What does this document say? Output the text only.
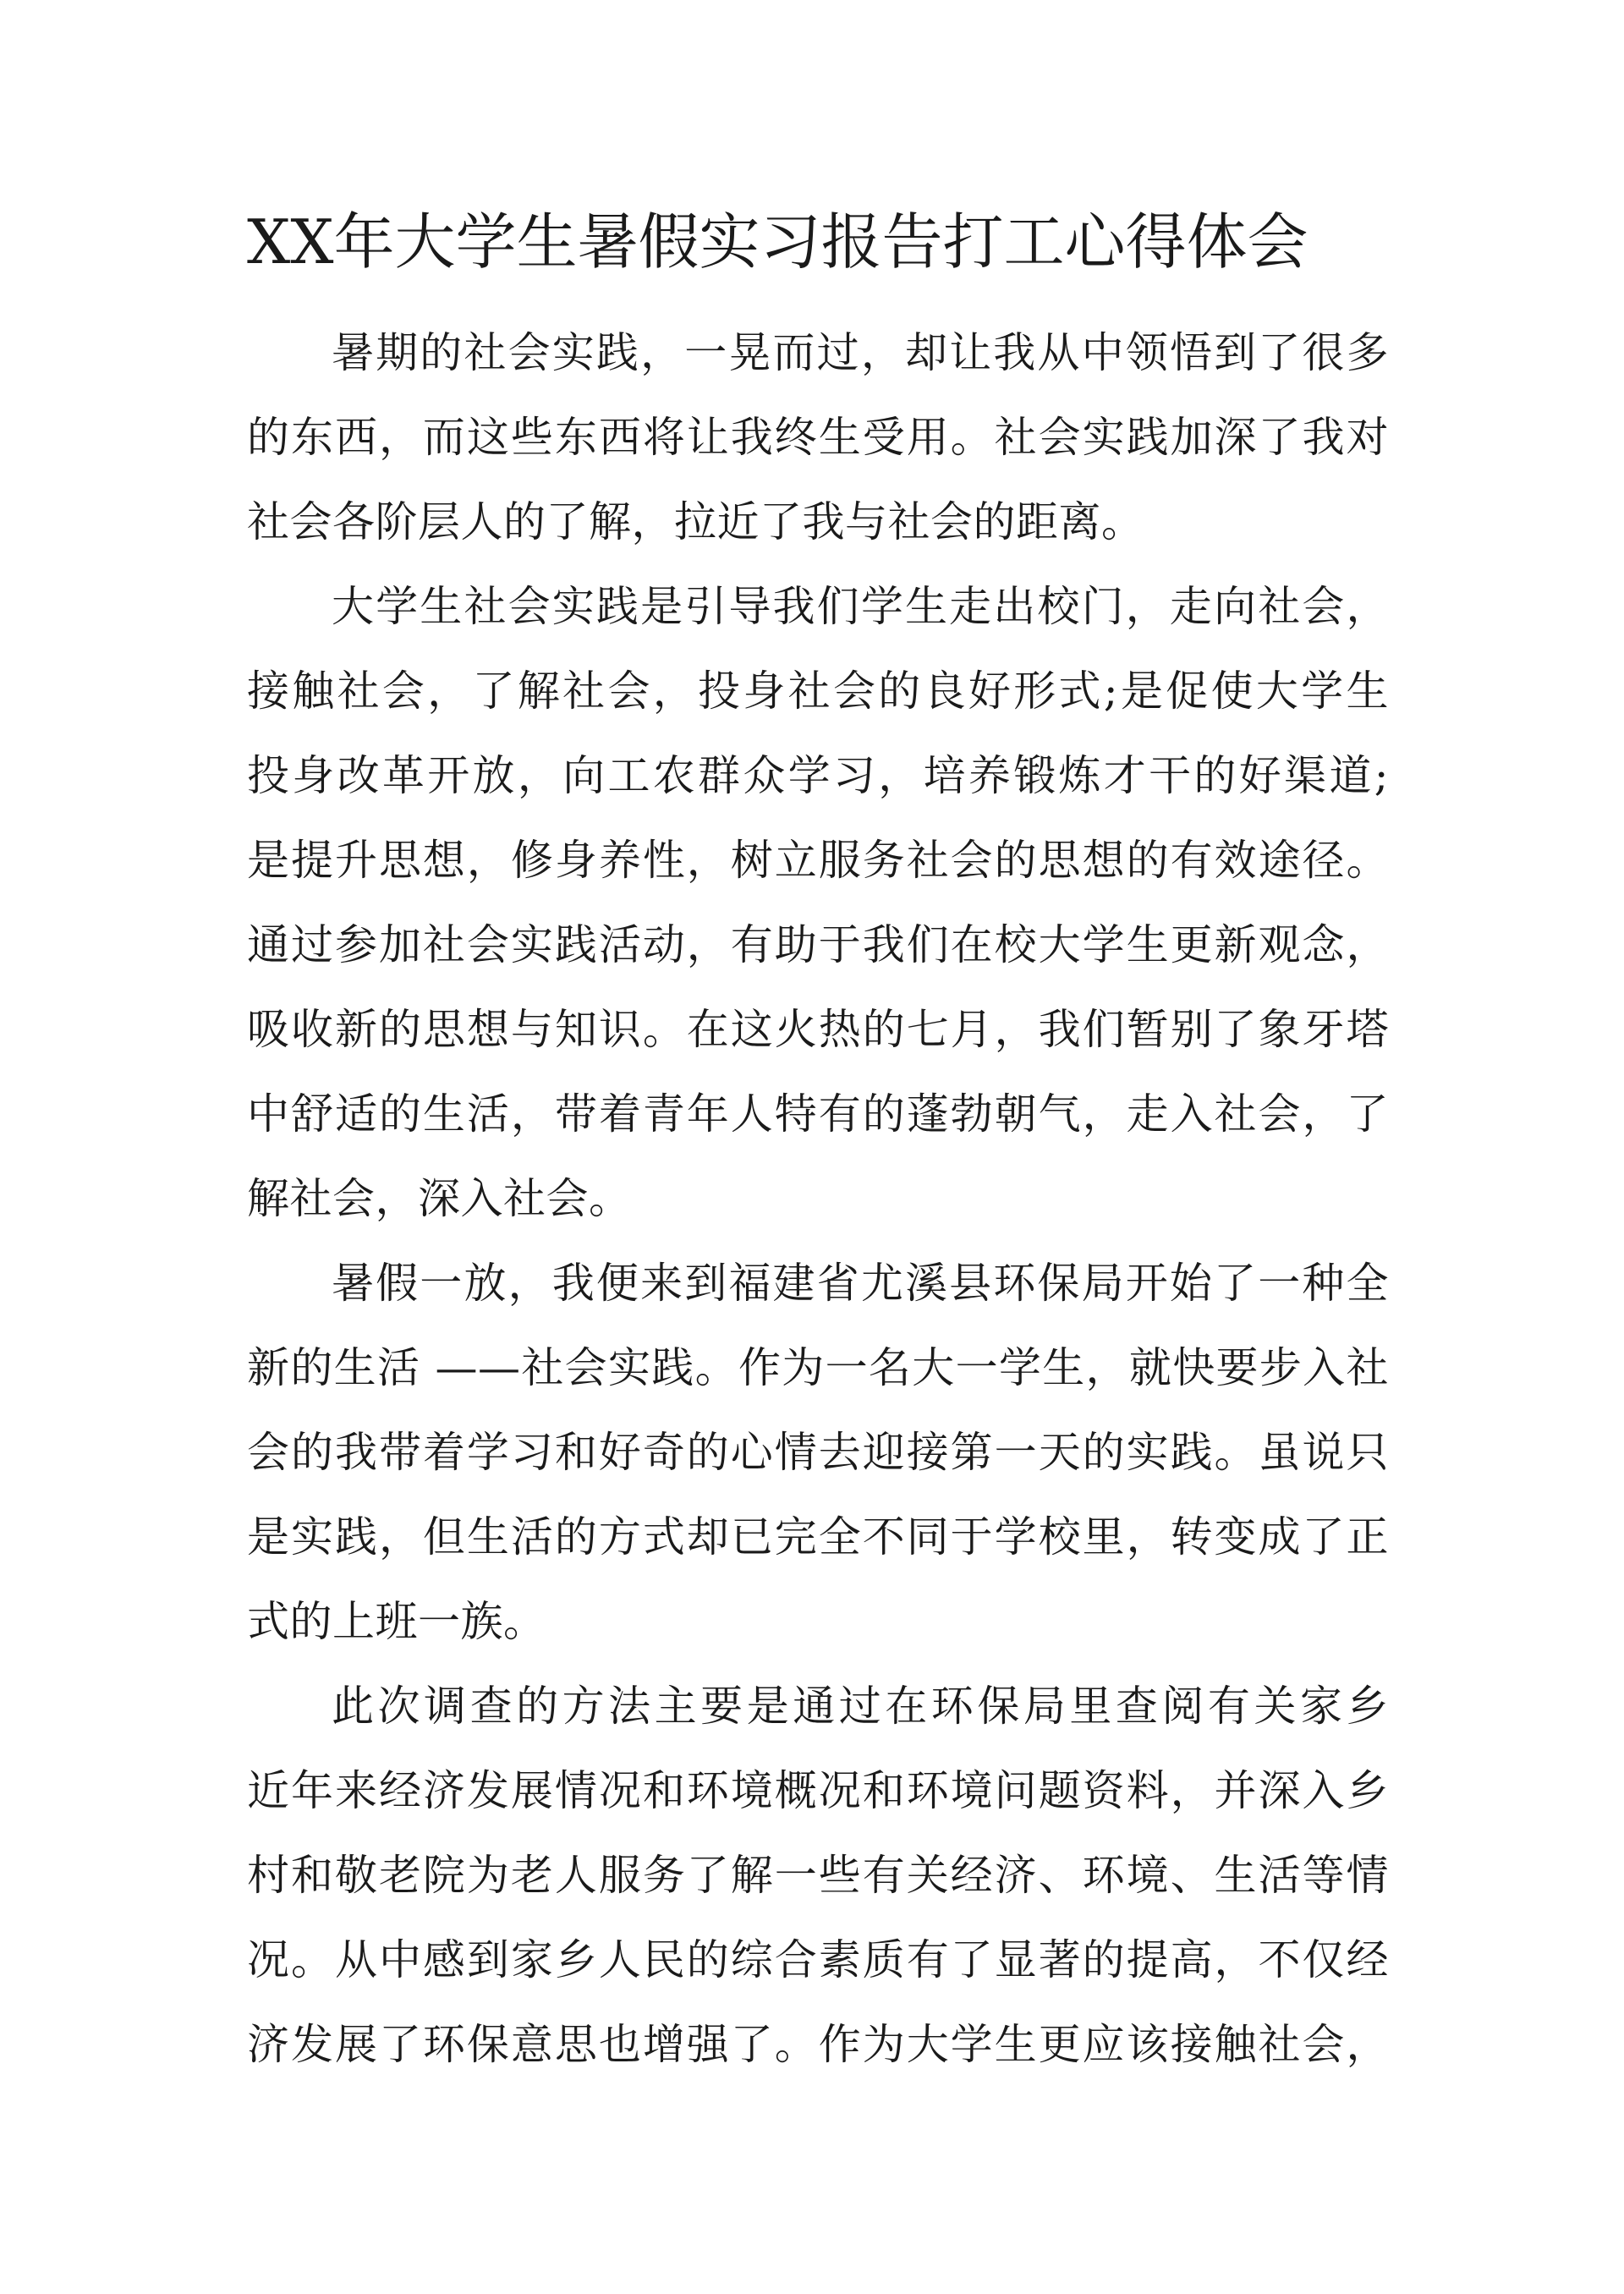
XX年大学生暑假实习报告打工心得体会

暑期的社会实践，一晃而过，却让我从中领悟到了很多
的东西，而这些东西将让我终生受用。社会实践加深了我对
社会各阶层人的了解，拉近了我与社会的距离。

大学生社会实践是引导我们学生走出校门，走向社会，
接触社会，了解社会，投身社会的良好形式;是促使大学生
投身改革开放，向工农群众学习，培养锻炼才干的好渠道;
是提升思想，修身养性，树立服务社会的思想的有效途径。
通过参加社会实践活动，有助于我们在校大学生更新观念，
吸收新的思想与知识。在这火热的七月，我们暂别了象牙塔
中舒适的生活，带着青年人特有的蓬勃朝气，走入社会，了
解社会，深入社会。

暑假一放，我便来到福建省尤溪县环保局开始了一种全
新的生活 ——社会实践。作为一名大一学生，就快要步入社
会的我带着学习和好奇的心情去迎接第一天的实践。虽说只
是实践，但生活的方式却已完全不同于学校里，转变成了正
式的上班一族。

此次调查的方法主要是通过在环保局里查阅有关家乡
近年来经济发展情况和环境概况和环境问题资料，并深入乡
村和敬老院为老人服务了解一些有关经济、环境、生活等情
况。从中感到家乡人民的综合素质有了显著的提高，不仅经
济发展了环保意思也增强了。作为大学生更应该接触社会，
